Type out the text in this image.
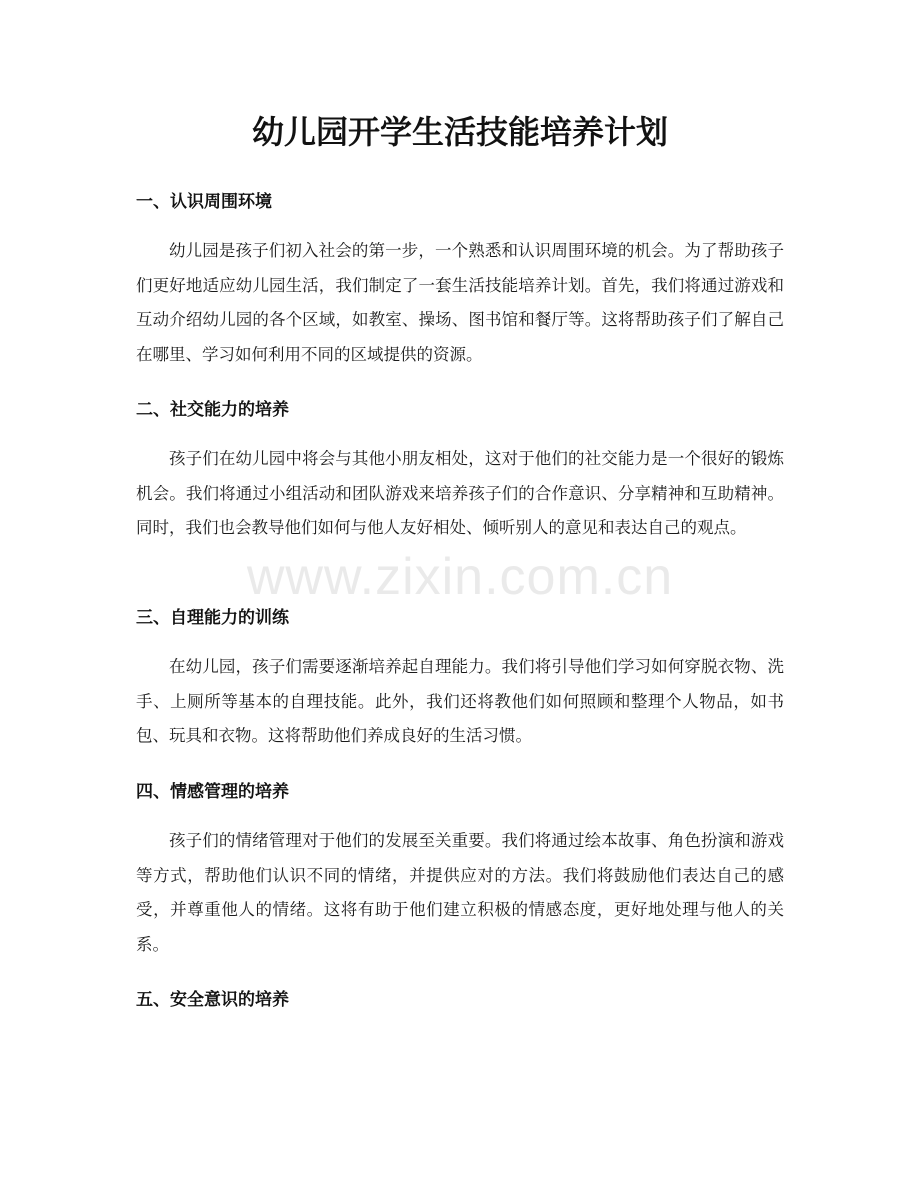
幼儿园开学生活技能培养计划
一、认识周围环境

幼儿园是孩子们初入社会的第一步，一个熟悉和认识周围环境的机会。为了帮助孩子们更好地适应幼儿园生活，我们制定了一套生活技能培养计划。首先，我们将通过游戏和互动介绍幼儿园的各个区域，如教室、操场、图书馆和餐厅等。这将帮助孩子们了解自己在哪里、学习如何利用不同的区域提供的资源。

二、社交能力的培养

孩子们在幼儿园中将会与其他小朋友相处，这对于他们的社交能力是一个很好的锻炼机会。我们将通过小组活动和团队游戏来培养孩子们的合作意识、分享精神和互助精神。同时，我们也会教导他们如何与他人友好相处、倾听别人的意见和表达自己的观点。

三、自理能力的训练

在幼儿园，孩子们需要逐渐培养起自理能力。我们将引导他们学习如何穿脱衣物、洗手、上厕所等基本的自理技能。此外，我们还将教他们如何照顾和整理个人物品，如书包、玩具和衣物。这将帮助他们养成良好的生活习惯。

四、情感管理的培养

孩子们的情绪管理对于他们的发展至关重要。我们将通过绘本故事、角色扮演和游戏等方式，帮助他们认识不同的情绪，并提供应对的方法。我们将鼓励他们表达自己的感受，并尊重他人的情绪。这将有助于他们建立积极的情感态度，更好地处理与他人的关系。

五、安全意识的培养
www.zixin.com.cn
